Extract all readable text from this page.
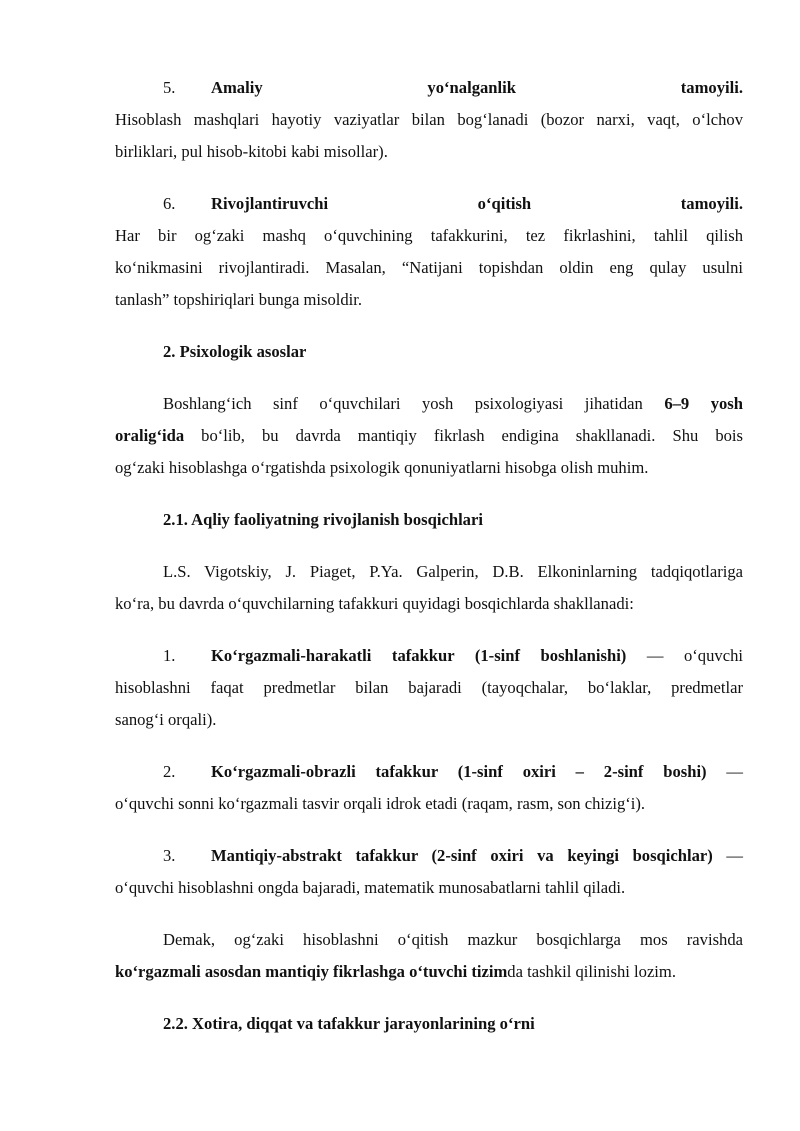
5.	Amaliy yo‘nalganlik tamoyili.
Hisoblash mashqlari hayotiy vaziyatlar bilan bog‘lanadi (bozor narxi, vaqt, o‘lchov
birliklari, pul hisob-kitobi kabi misollar).
6.	Rivojlantiruvchi o‘qitish tamoyili.
Har bir og‘zaki mashq o‘quvchining tafakkurini, tez fikrlashini, tahlil qilish
ko‘nikmasini rivojlantiradi. Masalan, “Natijani topishdan oldin eng qulay usulni
tanlash” topshiriqlari bunga misoldir.
2. Psixologik asoslar
Boshlang‘ich sinf o‘quvchilari yosh psixologiyasi jihatidan 6–9 yosh
oralig‘ida bo‘lib, bu davrda mantiqiy fikrlash endigina shakllanadi. Shu bois
og‘zaki hisoblashga o‘rgatishda psixologik qonuniyatlarni hisobga olish muhim.
2.1. Aqliy faoliyatning rivojlanish bosqichlari
L.S. Vigotskiy, J. Piaget, P.Ya. Galperin, D.B. Elkoninlarning tadqiqotlariga
ko‘ra, bu davrda o‘quvchilarning tafakkuri quyidagi bosqichlarda shakllanadi:
1.	Ko‘rgazmali-harakatli tafakkur (1-sinf boshlanishi) — o‘quvchi
hisoblashni faqat predmetlar bilan bajaradi (tayoqchalar, bo‘laklar, predmetlar
sanog‘i orqali).
2.	Ko‘rgazmali-obrazli tafakkur (1-sinf oxiri – 2-sinf boshi) —
o‘quvchi sonni ko‘rgazmali tasvir orqali idrok etadi (raqam, rasm, son chizig‘i).
3.	Mantiqiy-abstrakt tafakkur (2-sinf oxiri va keyingi bosqichlar) —
o‘quvchi hisoblashni ongda bajaradi, matematik munosabatlarni tahlil qiladi.
Demak, og‘zaki hisoblashni o‘qitish mazkur bosqichlarga mos ravishda
ko‘rgazmali asosdan mantiqiy fikrlashga o‘tuvchi tizimda tashkil qilinishi lozim.
2.2. Xotira, diqqat va tafakkur jarayonlarining o‘rni
